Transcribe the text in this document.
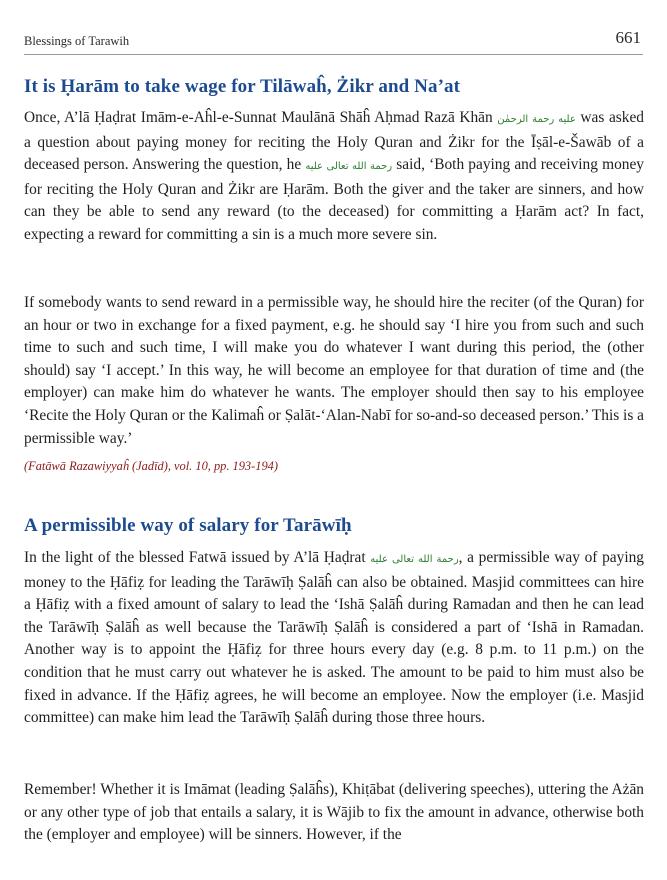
Blessings of Tarawih	661
It is Ḥarām to take wage for Tilāwaĥ, Żikr and Na’at

Once, A’lā Ḥaḍrat Imām-e-Aĥl-e-Sunnat Maulānā Shāĥ Aḥmad Razā Khān عليه رحمة الرحمٰن was asked a question about paying money for reciting the Holy Quran and Żikr for the Īṣāl-e-Šawāb of a deceased person. Answering the question, he رحمة الله تعالى عليه said, ‘Both paying and receiving money for reciting the Holy Quran and Żikr are Ḥarām. Both the giver and the taker are sinners, and how can they be able to send any reward (to the deceased) for committing a Ḥarām act? In fact, expecting a reward for committing a sin is a much more severe sin.

If somebody wants to send reward in a permissible way, he should hire the reciter (of the Quran) for an hour or two in exchange for a fixed payment, e.g. he should say ‘I hire you from such and such time to such and such time, I will make you do whatever I want during this period, the (other should) say ‘I accept.’ In this way, he will become an employee for that duration of time and (the employer) can make him do whatever he wants. The employer should then say to his employee ‘Recite the Holy Quran or the Kalimaĥ or Ṣalāt-‘Alan-Nabī for so-and-so deceased person.’ This is a permissible way.’

(Fatāwā Razawiyyaĥ (Jadīd), vol. 10, pp. 193-194)

A permissible way of salary for Tarāwīḥ

In the light of the blessed Fatwā issued by A’lā Ḥaḍrat رحمة الله تعالى عليه, a permissible way of paying money to the Ḥāfiẓ for leading the Tarāwīḥ Ṣalāĥ can also be obtained. Masjid committees can hire a Ḥāfiẓ with a fixed amount of salary to lead the ‘Ishā Ṣalāĥ during Ramadan and then he can lead the Tarāwīḥ Ṣalāĥ as well because the Tarāwīḥ Ṣalāĥ is considered a part of ‘Ishā in Ramadan. Another way is to appoint the Ḥāfiẓ for three hours every day (e.g. 8 p.m. to 11 p.m.) on the condition that he must carry out whatever he is asked. The amount to be paid to him must also be fixed in advance. If the Ḥāfiẓ agrees, he will become an employee. Now the employer (i.e. Masjid committee) can make him lead the Tarāwīḥ Ṣalāĥ during those three hours.

Remember! Whether it is Imāmat (leading Ṣalāĥs), Khiṭābat (delivering speeches), uttering the Ażān or any other type of job that entails a salary, it is Wājib to fix the amount in advance, otherwise both the (employer and employee) will be sinners. However, if the
